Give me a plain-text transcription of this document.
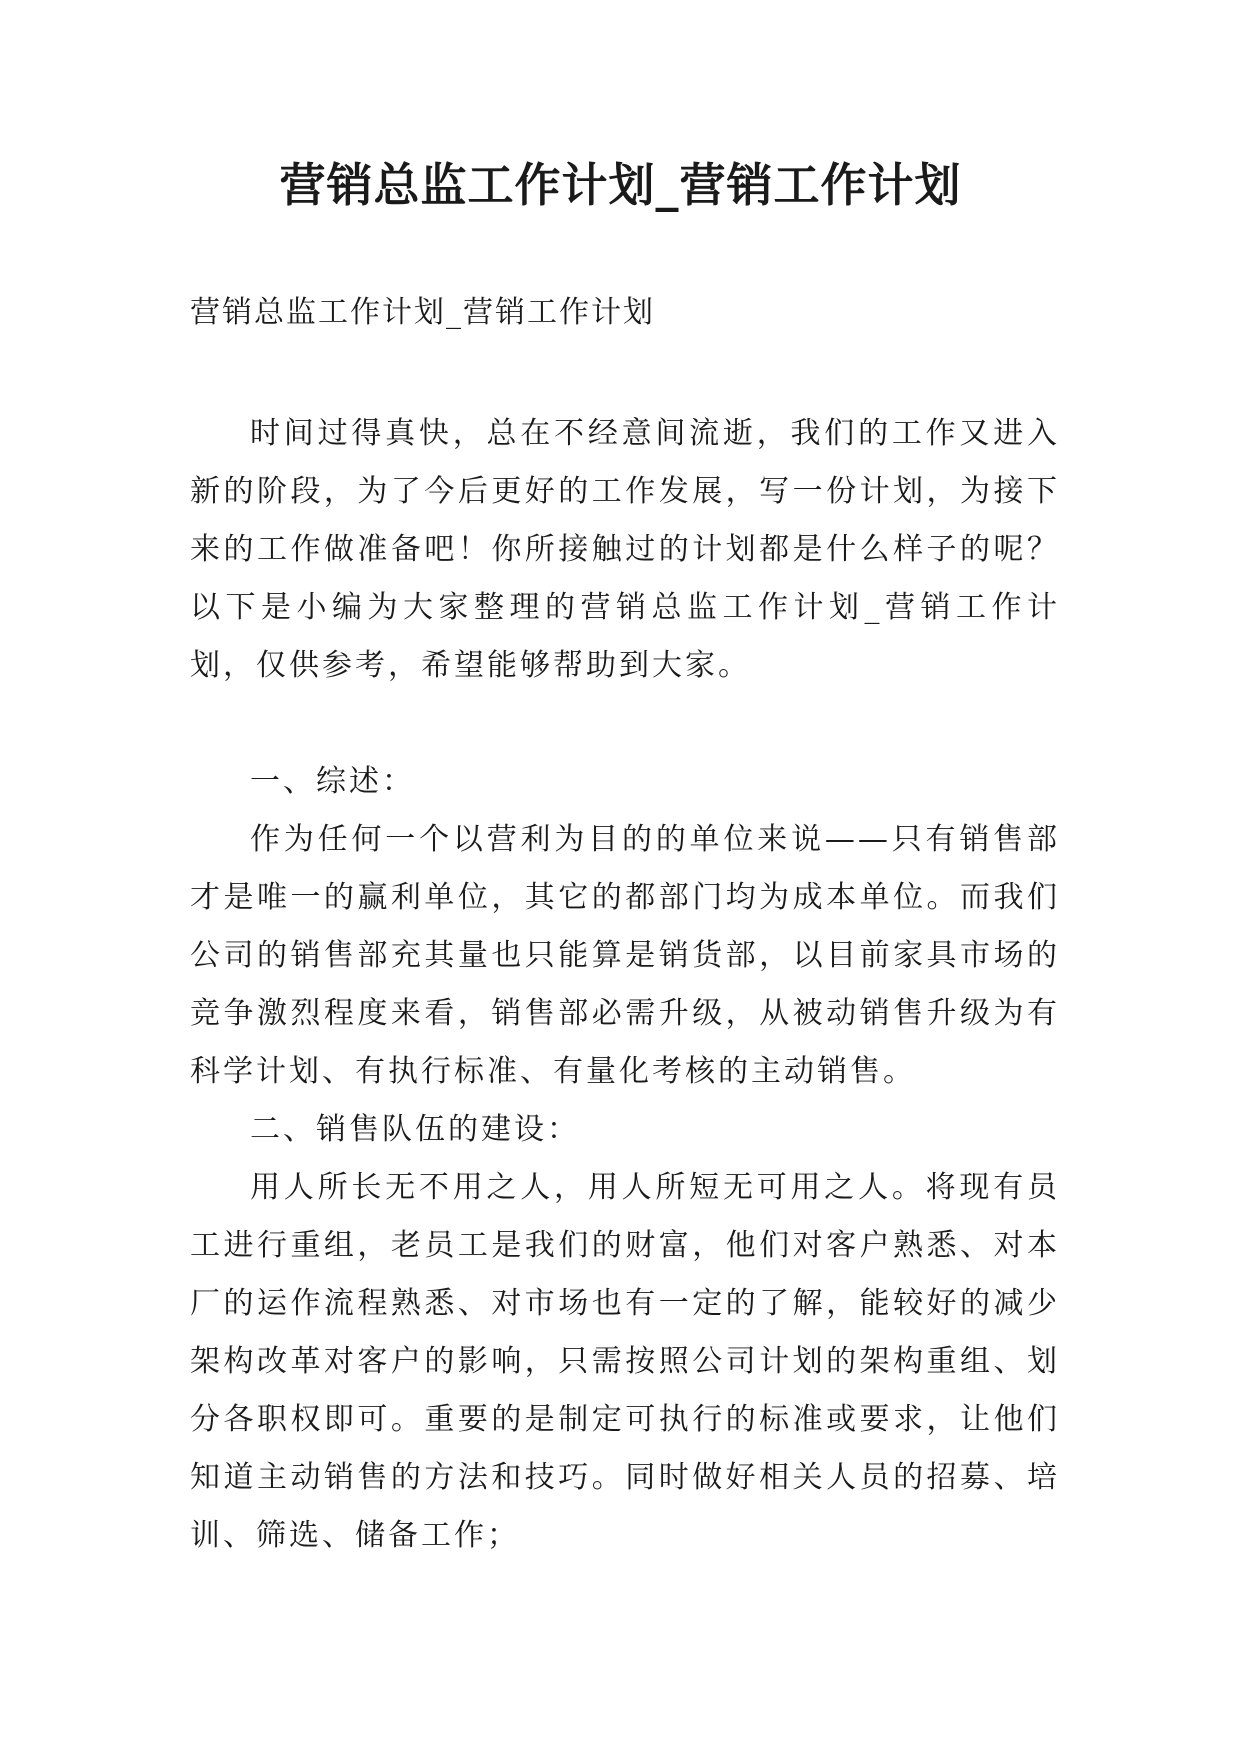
营销总监工作计划_营销工作计划
营销总监工作计划_营销工作计划

时间过得真快，总在不经意间流逝，我们的工作又进入新的阶段，为了今后更好的工作发展，写一份计划，为接下来的工作做准备吧！你所接触过的计划都是什么样子的呢？以下是小编为大家整理的营销总监工作计划_营销工作计划，仅供参考，希望能够帮助到大家。

一、综述：

作为任何一个以营利为目的的单位来说——只有销售部才是唯一的赢利单位，其它的都部门均为成本单位。而我们公司的销售部充其量也只能算是销货部，以目前家具市场的竞争激烈程度来看，销售部必需升级，从被动销售升级为有科学计划、有执行标准、有量化考核的主动销售。

二、销售队伍的建设：

用人所长无不用之人，用人所短无可用之人。将现有员工进行重组，老员工是我们的财富，他们对客户熟悉、对本厂的运作流程熟悉、对市场也有一定的了解，能较好的减少架构改革对客户的影响，只需按照公司计划的架构重组、划分各职权即可。重要的是制定可执行的标准或要求，让他们知道主动销售的方法和技巧。同时做好相关人员的招募、培训、筛选、储备工作；
